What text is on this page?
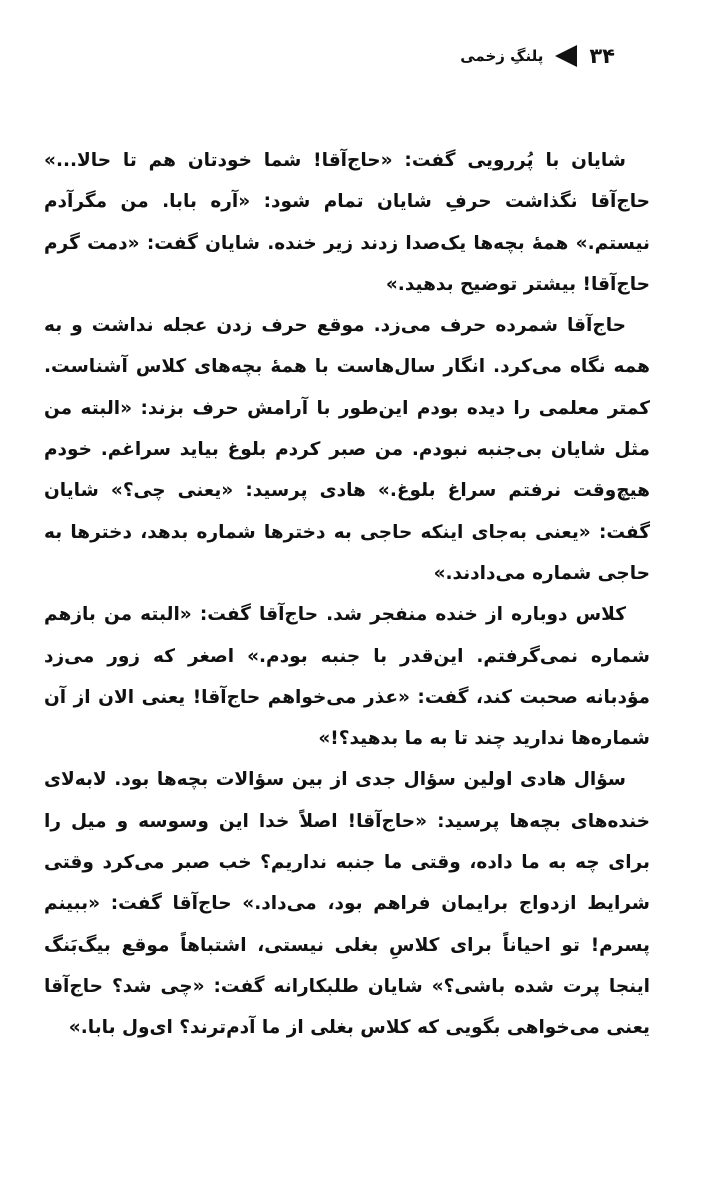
۳۴
پلنگِ زخمی

شایان با پُررویی گفت: «حاج‌آقا! شما خودتان هم تا حالا...» حاج‌آقا نگذاشت حرفِ شایان تمام شود: «آره بابا. من مگرآدم نیستم.» همهٔ بچه‌ها یک‌صدا زدند زیر خنده. شایان گفت: «دمت گرم حاج‌آقا! بیشتر توضیح بدهید.»

حاج‌آقا شمرده حرف می‌زد. موقع حرف زدن عجله نداشت و به همه نگاه می‌کرد. انگار سال‌هاست با همهٔ بچه‌های کلاس آشناست. کمتر معلمی را دیده بودم این‌طور با آرامش حرف بزند: «البته من مثل شایان بی‌جنبه نبودم. من صبر کردم بلوغ بیاید سراغم. خودم هیچ‌وقت نرفتم سراغ بلوغ.» هادی پرسید: «یعنی چی؟» شایان گفت: «یعنی به‌جای اینکه حاجی به دخترها شماره بدهد، دخترها به حاجی شماره می‌دادند.»

کلاس دوباره از خنده منفجر شد. حاج‌آقا گفت: «البته من بازهم شماره نمی‌گرفتم. این‌قدر با جنبه بودم.» اصغر که زور می‌زد مؤدبانه صحبت کند، گفت: «عذر می‌خواهم حاج‌آقا! یعنی الان از آن شماره‌ها ندارید چند تا به ما بدهید؟!»

سؤال هادی اولین سؤال جدی از بین سؤالات بچه‌ها بود. لابه‌لای خنده‌های بچه‌ها پرسید: «حاج‌آقا! اصلاً خدا این وسوسه و میل را برای چه به ما داده، وقتی ما جنبه نداریم؟ خب صبر می‌کرد وقتی شرایط ازدواج برایمان فراهم بود، می‌داد.» حاج‌آقا گفت: «ببینم پسرم! تو احیاناً برای کلاسِ بغلی نیستی، اشتباهاً موقع بیگ‌بَنگ اینجا پرت شده باشی؟» شایان طلبکارانه گفت: «چی شد؟ حاج‌آقا یعنی می‌خواهی بگویی که کلاس بغلی از ما آدم‌ترند؟ ای‌ول بابا.»
